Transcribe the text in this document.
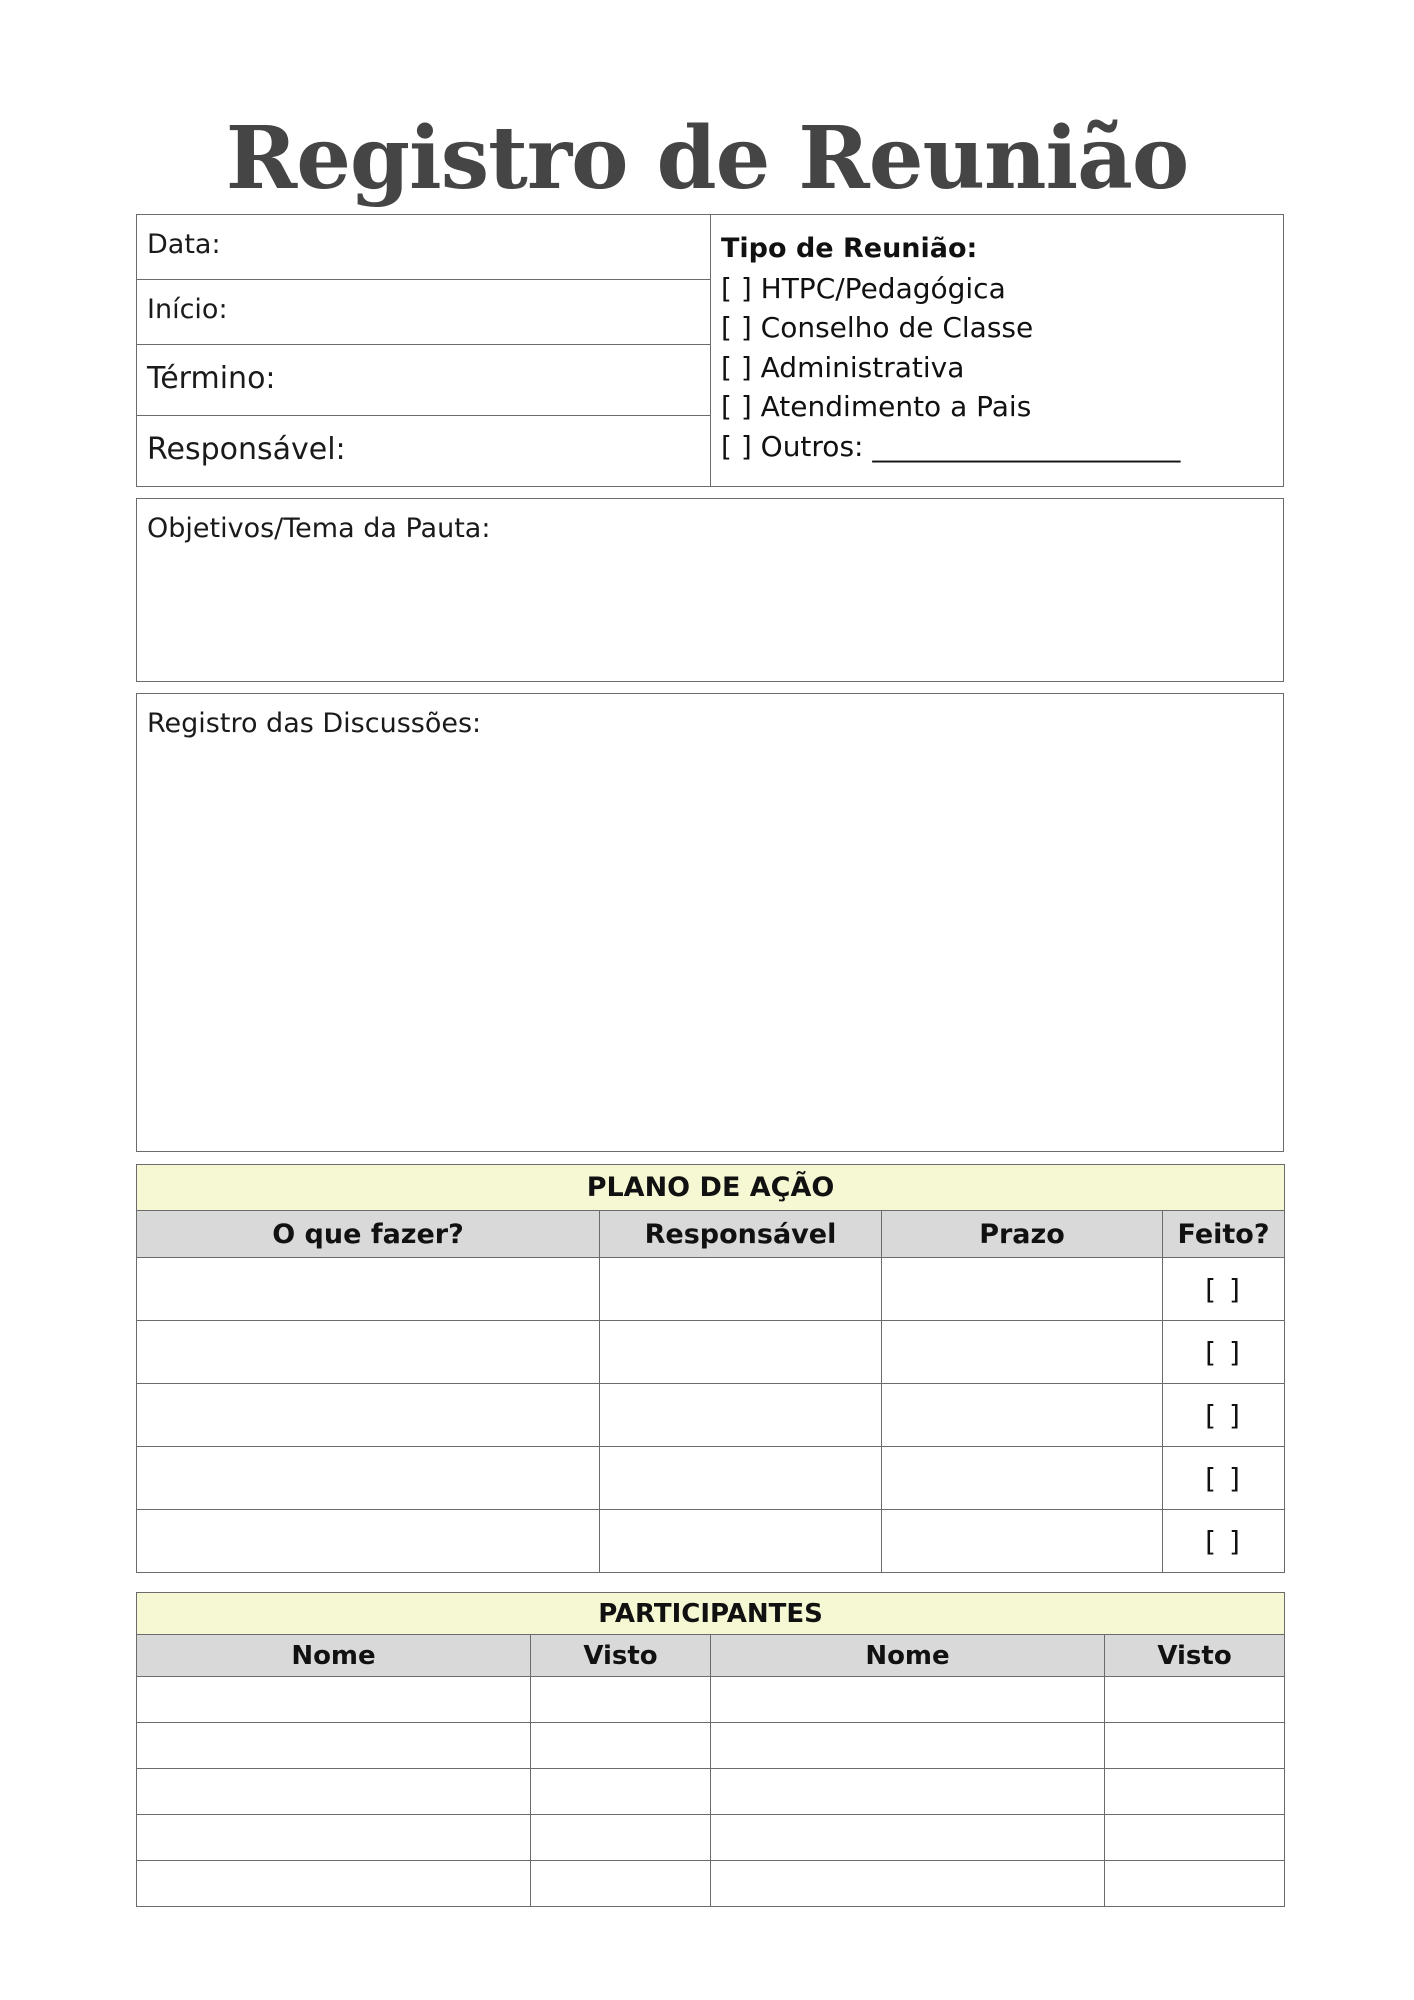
Registro de Reunião
Data:
Início:
Término:
Responsável:
Tipo de Reunião:
[ ] HTPC/Pedagógica
[ ] Conselho de Classe
[ ] Administrativa
[ ] Atendimento a Pais
[ ] Outros: ______________________
Objetivos/Tema da Pauta:
Registro das Discussões:
PLANO DE AÇÃO			
O que fazer?	Responsável	Prazo	Feito?
			[ ]
			[ ]
			[ ]
			[ ]
			[ ]
PARTICIPANTES			
Nome	Visto	Nome	Visto
